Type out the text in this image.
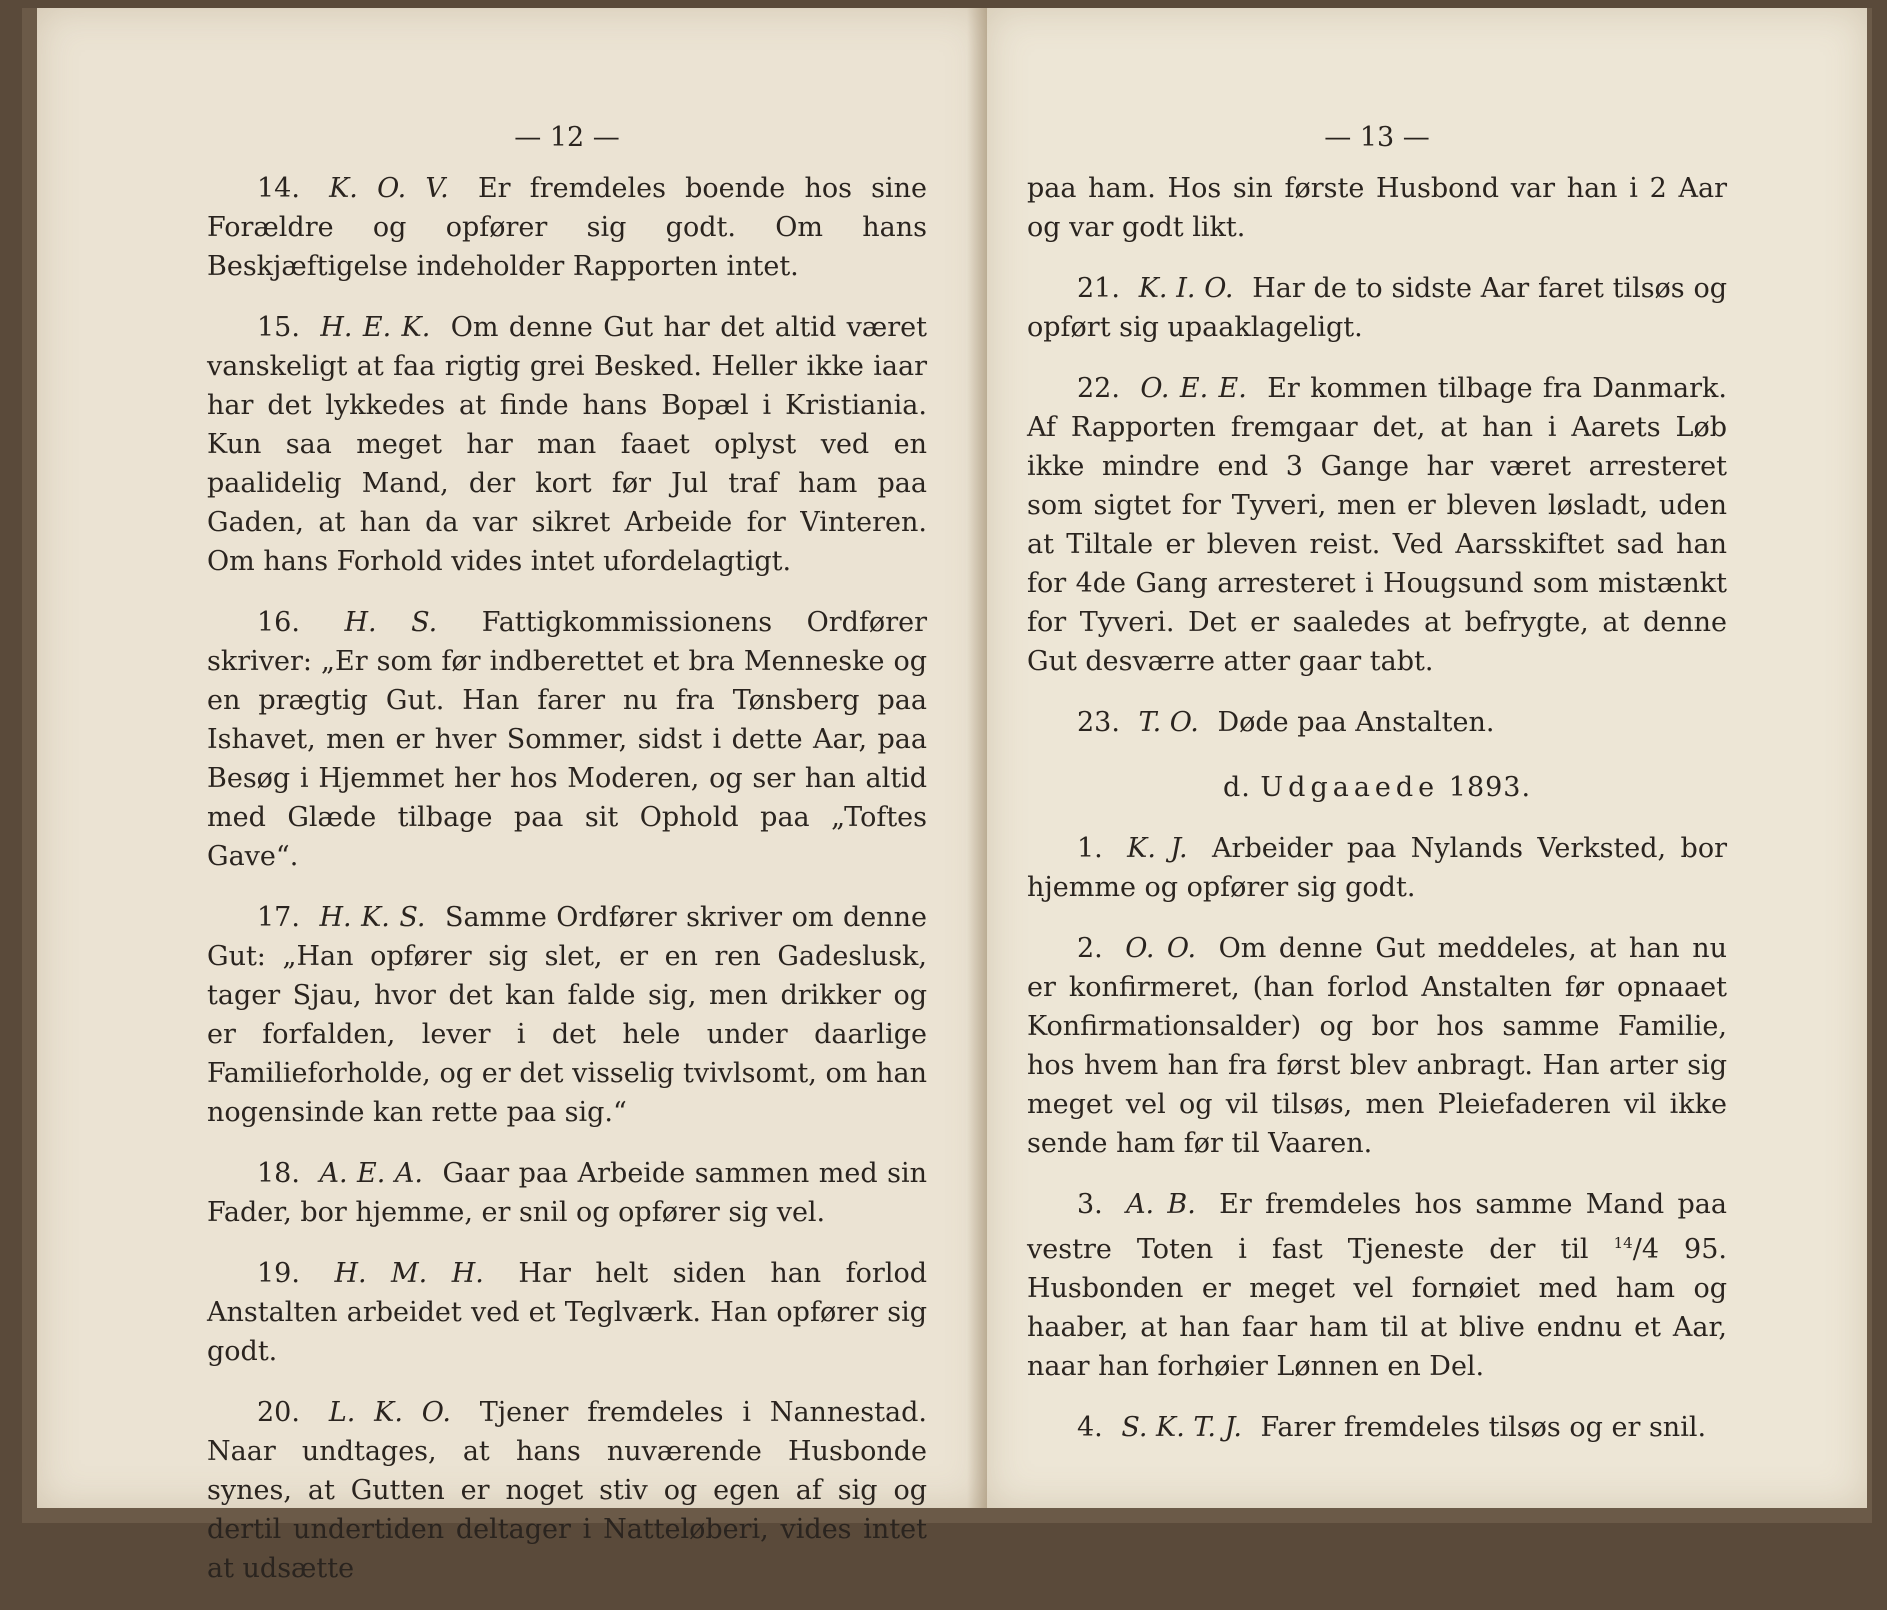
— 12 —

14. K. O. V. Er fremdeles boende hos sine Forældre og opfører sig godt. Om hans Beskjæftigelse indeholder Rapporten intet.

15. H. E. K. Om denne Gut har det altid været vanskeligt at faa rigtig grei Besked. Heller ikke iaar har det lykkedes at finde hans Bopæl i Kristiania. Kun saa meget har man faaet oplyst ved en paalidelig Mand, der kort før Jul traf ham paa Gaden, at han da var sikret Arbeide for Vinteren. Om hans Forhold vides intet ufordelagtigt.

16. H. S. Fattigkommissionens Ordfører skriver: „Er som før indberettet et bra Menneske og en prægtig Gut. Han farer nu fra Tønsberg paa Ishavet, men er hver Sommer, sidst i dette Aar, paa Besøg i Hjemmet her hos Moderen, og ser han altid med Glæde tilbage paa sit Ophold paa „Toftes Gave“.

17. H. K. S. Samme Ordfører skriver om denne Gut: „Han opfører sig slet, er en ren Gadeslusk, tager Sjau, hvor det kan falde sig, men drikker og er forfalden, lever i det hele under daarlige Familieforholde, og er det visselig tvivlsomt, om han nogensinde kan rette paa sig.“

18. A. E. A. Gaar paa Arbeide sammen med sin Fader, bor hjemme, er snil og opfører sig vel.

19. H. M. H. Har helt siden han forlod Anstalten arbeidet ved et Teglværk. Han opfører sig godt.

20. L. K. O. Tjener fremdeles i Nannestad. Naar undtages, at hans nuværende Husbonde synes, at Gutten er noget stiv og egen af sig og dertil undertiden deltager i Natteløberi, vides intet at udsætte

— 13 —

paa ham. Hos sin første Husbond var han i 2 Aar og var godt likt.

21. K. I. O. Har de to sidste Aar faret tilsøs og opført sig upaaklageligt.

22. O. E. E. Er kommen tilbage fra Danmark. Af Rapporten fremgaar det, at han i Aarets Løb ikke mindre end 3 Gange har været arresteret som sigtet for Tyveri, men er bleven løsladt, uden at Tiltale er bleven reist. Ved Aarsskiftet sad han for 4de Gang arresteret i Hougsund som mistænkt for Tyveri. Det er saaledes at befrygte, at denne Gut desværre atter gaar tabt.

23. T. O. Døde paa Anstalten.

d. Udgaaede 1893.

1. K. J. Arbeider paa Nylands Verksted, bor hjemme og opfører sig godt.

2. O. O. Om denne Gut meddeles, at han nu er konfirmeret, (han forlod Anstalten før opnaaet Konfirmationsalder) og bor hos samme Familie, hos hvem han fra først blev anbragt. Han arter sig meget vel og vil tilsøs, men Pleiefaderen vil ikke sende ham før til Vaaren.

3. A. B. Er fremdeles hos samme Mand paa vestre Toten i fast Tjeneste der til $^{14}$/4 95. Husbonden er meget vel fornøiet med ham og haaber, at han faar ham til at blive endnu et Aar, naar han forhøier Lønnen en Del.

4. S. K. T. J. Farer fremdeles tilsøs og er snil.
